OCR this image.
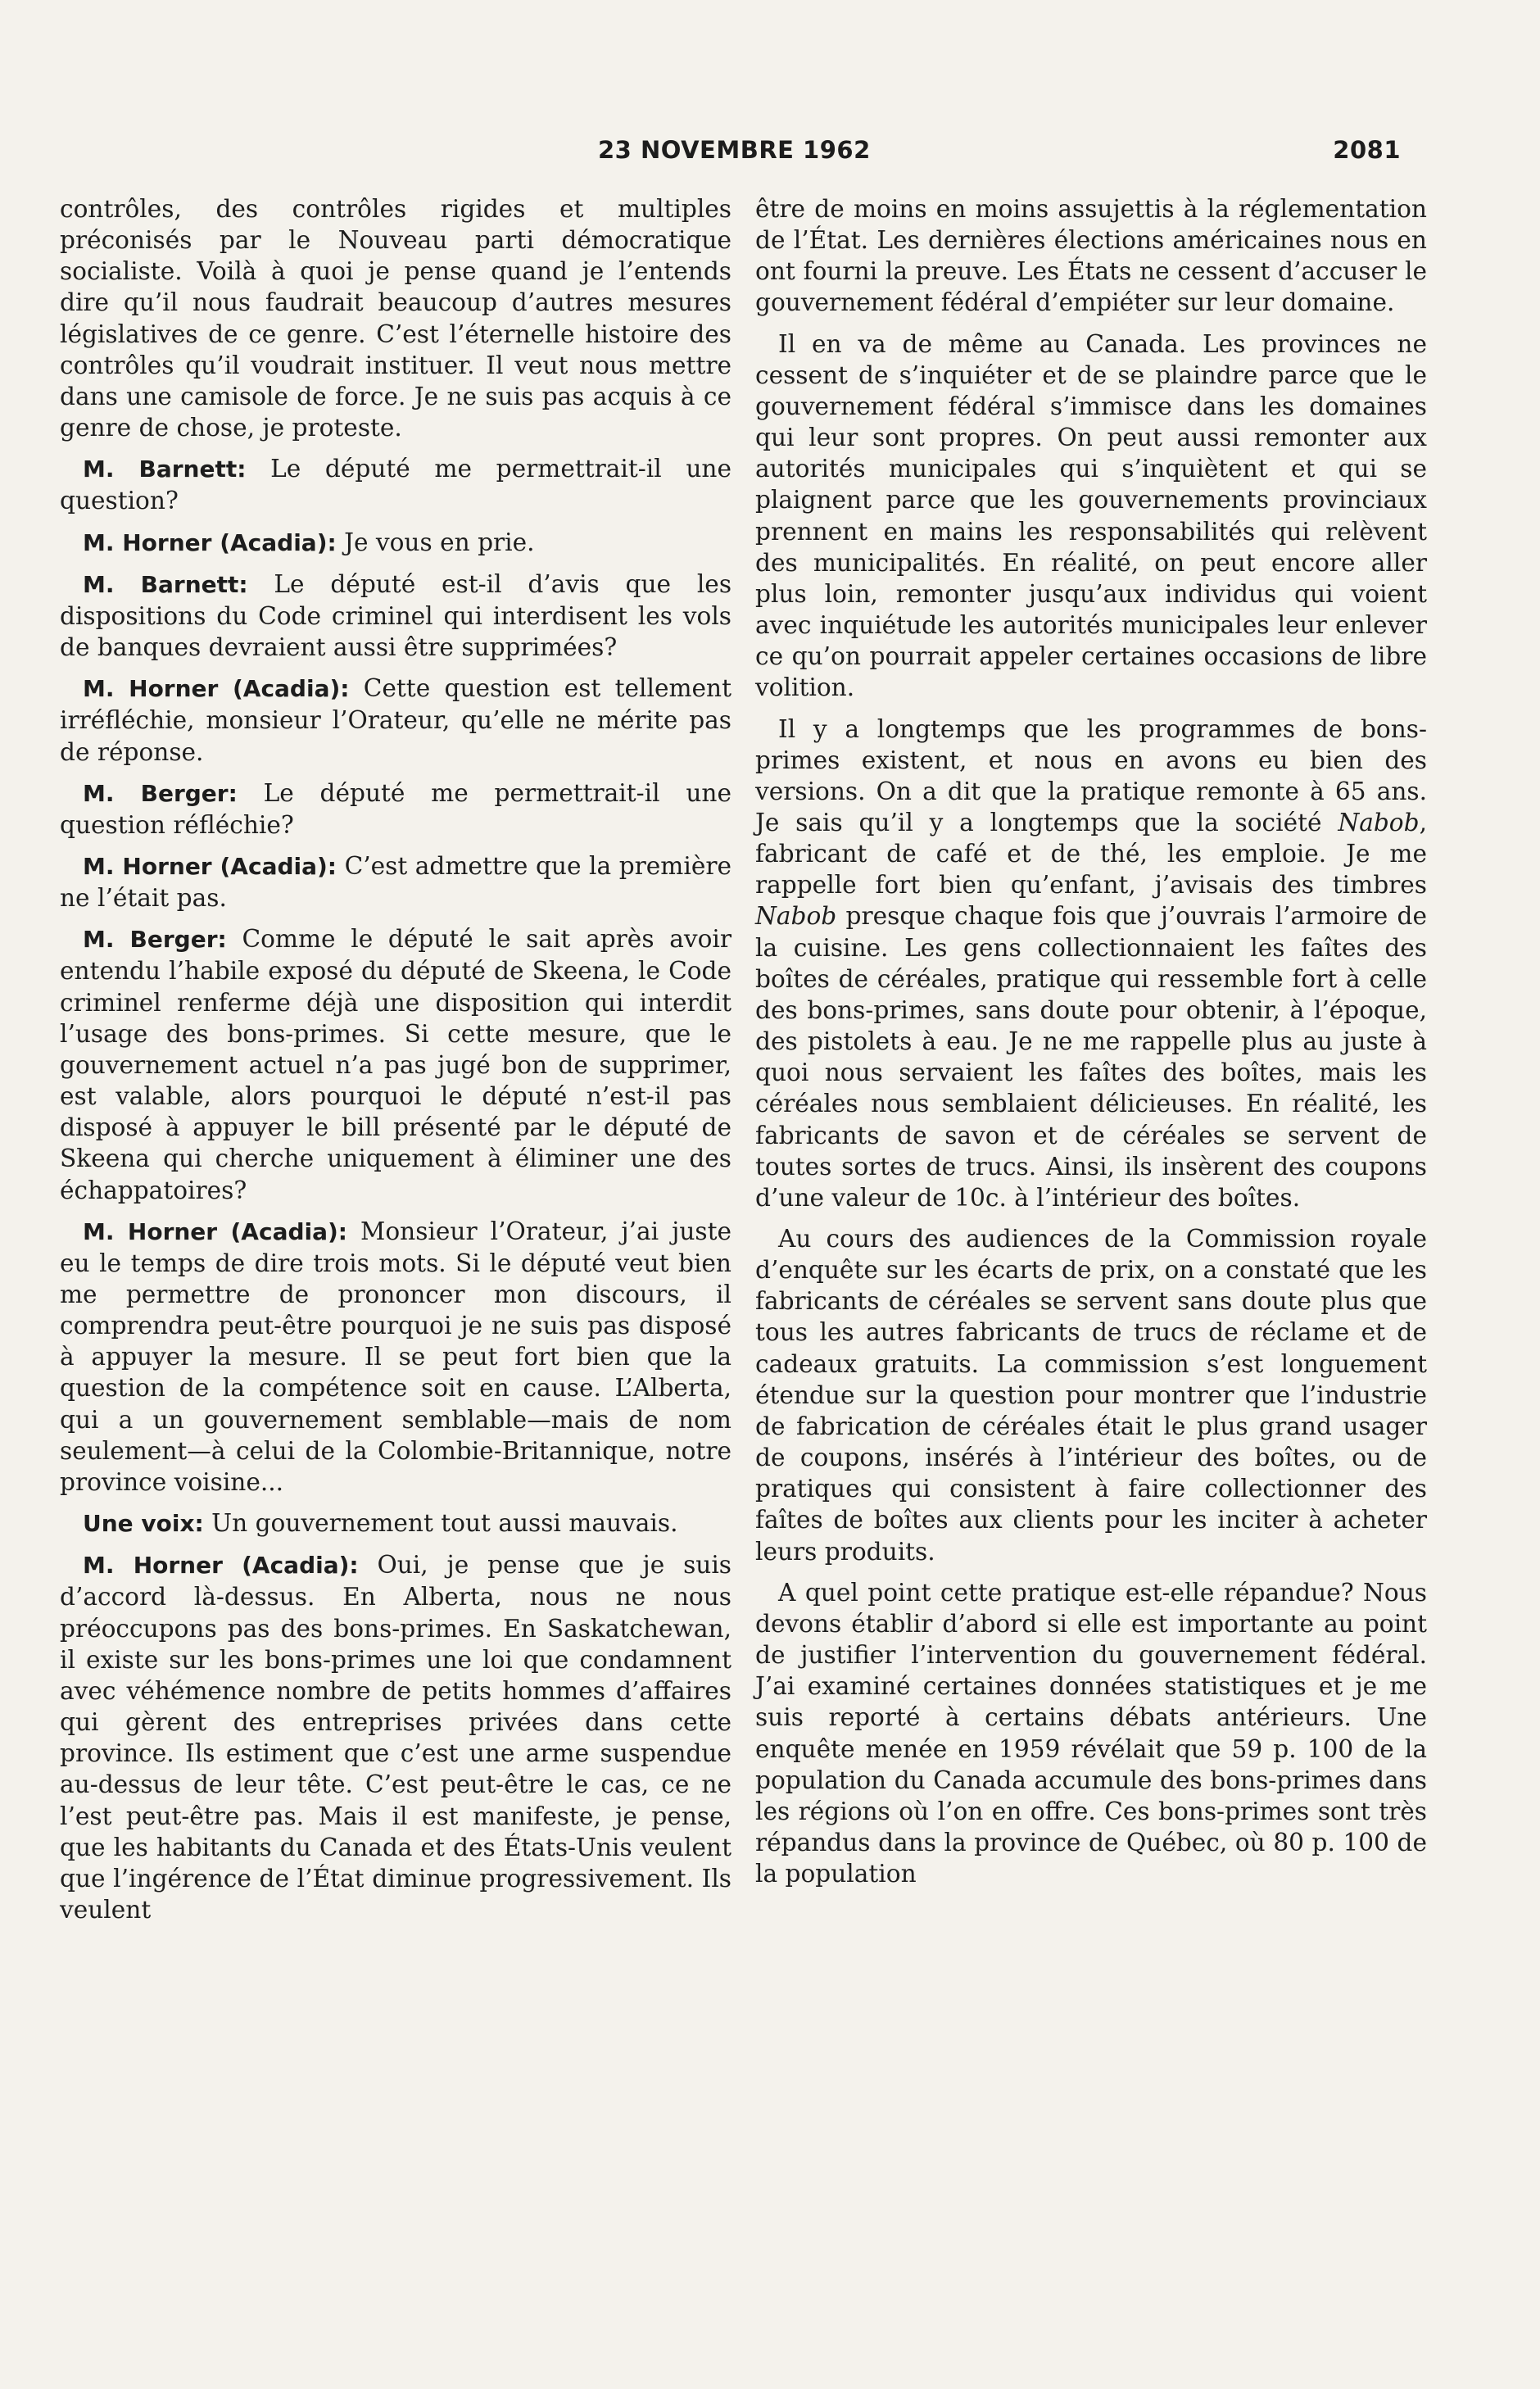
23 NOVEMBRE 1962	2081

contrôles, des contrôles rigides et multiples préconisés par le Nouveau parti démocratique socialiste. Voilà à quoi je pense quand je l’entends dire qu’il nous faudrait beaucoup d’autres mesures législatives de ce genre. C’est l’éternelle histoire des contrôles qu’il voudrait instituer. Il veut nous mettre dans une camisole de force. Je ne suis pas acquis à ce genre de chose, je proteste.

M. Barnett: Le député me permettrait-il une question?

M. Horner (Acadia): Je vous en prie.

M. Barnett: Le député est-il d’avis que les dispositions du Code criminel qui interdisent les vols de banques devraient aussi être supprimées?

M. Horner (Acadia): Cette question est tellement irréfléchie, monsieur l’Orateur, qu’elle ne mérite pas de réponse.

M. Berger: Le député me permettrait-il une question réfléchie?

M. Horner (Acadia): C’est admettre que la première ne l’était pas.

M. Berger: Comme le député le sait après avoir entendu l’habile exposé du député de Skeena, le Code criminel renferme déjà une disposition qui interdit l’usage des bons-primes. Si cette mesure, que le gouvernement actuel n’a pas jugé bon de supprimer, est valable, alors pourquoi le député n’est-il pas disposé à appuyer le bill présenté par le député de Skeena qui cherche uniquement à éliminer une des échappatoires?

M. Horner (Acadia): Monsieur l’Orateur, j’ai juste eu le temps de dire trois mots. Si le député veut bien me permettre de prononcer mon discours, il comprendra peut-être pourquoi je ne suis pas disposé à appuyer la mesure. Il se peut fort bien que la question de la compétence soit en cause. L’Alberta, qui a un gouvernement semblable—mais de nom seulement—à celui de la Colombie-Britannique, notre province voisine...

Une voix: Un gouvernement tout aussi mauvais.

M. Horner (Acadia): Oui, je pense que je suis d’accord là-dessus. En Alberta, nous ne nous préoccupons pas des bons-primes. En Saskatchewan, il existe sur les bons-primes une loi que condamnent avec véhémence nombre de petits hommes d’affaires qui gèrent des entreprises privées dans cette province. Ils estiment que c’est une arme suspendue au-dessus de leur tête. C’est peut-être le cas, ce ne l’est peut-être pas. Mais il est manifeste, je pense, que les habitants du Canada et des États-Unis veulent que l’ingérence de l’État diminue progressivement. Ils veulent

être de moins en moins assujettis à la réglementation de l’État. Les dernières élections américaines nous en ont fourni la preuve. Les États ne cessent d’accuser le gouvernement fédéral d’empiéter sur leur domaine.

Il en va de même au Canada. Les provinces ne cessent de s’inquiéter et de se plaindre parce que le gouvernement fédéral s’immisce dans les domaines qui leur sont propres. On peut aussi remonter aux autorités municipales qui s’inquiètent et qui se plaignent parce que les gouvernements provinciaux prennent en mains les responsabilités qui relèvent des municipalités. En réalité, on peut encore aller plus loin, remonter jusqu’aux individus qui voient avec inquiétude les autorités municipales leur enlever ce qu’on pourrait appeler certaines occasions de libre volition.

Il y a longtemps que les programmes de bons-primes existent, et nous en avons eu bien des versions. On a dit que la pratique remonte à 65 ans. Je sais qu’il y a longtemps que la société Nabob, fabricant de café et de thé, les emploie. Je me rappelle fort bien qu’enfant, j’avisais des timbres Nabob presque chaque fois que j’ouvrais l’armoire de la cuisine. Les gens collectionnaient les faîtes des boîtes de céréales, pratique qui ressemble fort à celle des bons-primes, sans doute pour obtenir, à l’époque, des pistolets à eau. Je ne me rappelle plus au juste à quoi nous servaient les faîtes des boîtes, mais les céréales nous semblaient délicieuses. En réalité, les fabricants de savon et de céréales se servent de toutes sortes de trucs. Ainsi, ils insèrent des coupons d’une valeur de 10c. à l’intérieur des boîtes.

Au cours des audiences de la Commission royale d’enquête sur les écarts de prix, on a constaté que les fabricants de céréales se servent sans doute plus que tous les autres fabricants de trucs de réclame et de cadeaux gratuits. La commission s’est longuement étendue sur la question pour montrer que l’industrie de fabrication de céréales était le plus grand usager de coupons, insérés à l’intérieur des boîtes, ou de pratiques qui consistent à faire collectionner des faîtes de boîtes aux clients pour les inciter à acheter leurs produits.

A quel point cette pratique est-elle répandue? Nous devons établir d’abord si elle est importante au point de justifier l’intervention du gouvernement fédéral. J’ai examiné certaines données statistiques et je me suis reporté à certains débats antérieurs. Une enquête menée en 1959 révélait que 59 p. 100 de la population du Canada accumule des bons-primes dans les régions où l’on en offre. Ces bons-primes sont très répandus dans la province de Québec, où 80 p. 100 de la population
